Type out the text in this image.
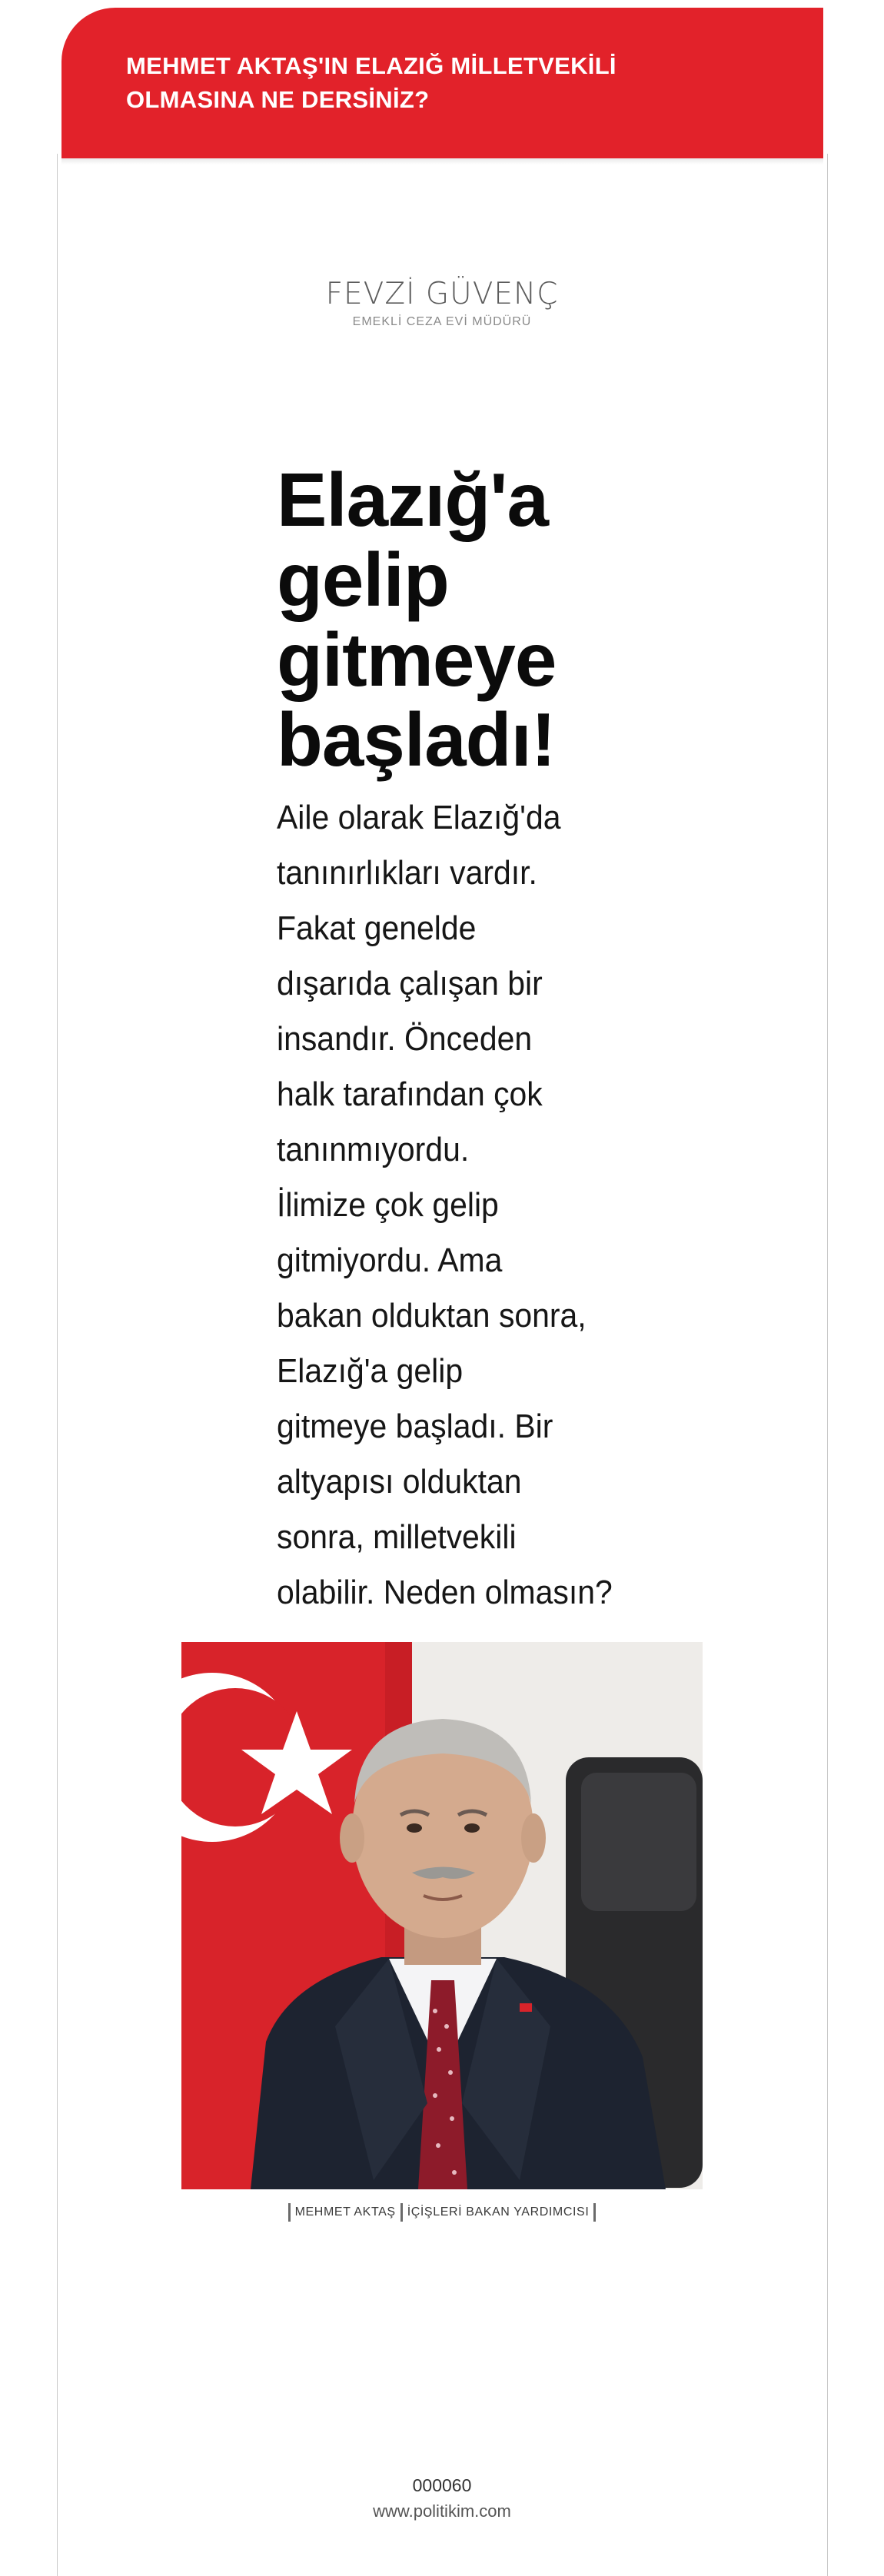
MEHMET AKTAŞ'IN ELAZIĞ MİLLETVEKİLİ
OLMASINA NE DERSİNİZ?
FEVZİ GÜVENÇ
EMEKLİ CEZA EVİ MÜDÜRÜ
Elazığ'a
gelip
gitmeye
başladı!

Aile olarak Elazığ'da
tanınırlıkları vardır.
Fakat genelde
dışarıda çalışan bir
insandır. Önceden
halk tarafından çok
tanınmıyordu.
İlimize çok gelip
gitmiyordu. Ama
bakan olduktan sonra,
Elazığ'a gelip
gitmeye başladı. Bir
altyapısı olduktan
sonra, milletvekili
olabilir. Neden olmasın?

MEHMET AKTAŞ İÇİŞLERİ BAKAN YARDIMCISI
000060
www.politikim.com
